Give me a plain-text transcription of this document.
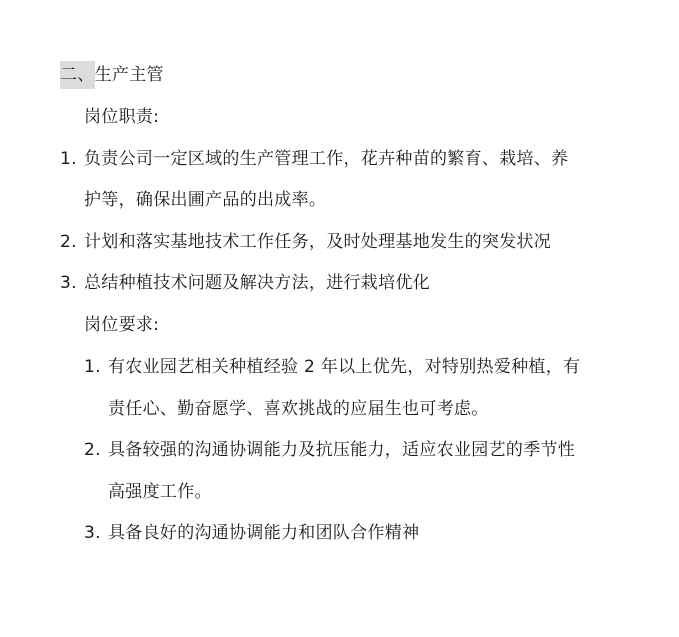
二、生产主管
岗位职责:
1. 负责公司一定区域的生产管理工作，花卉种苗的繁育、栽培、养
护等，确保出圃产品的出成率。
2. 计划和落实基地技术工作任务，及时处理基地发生的突发状况
3. 总结种植技术问题及解决方法，进行栽培优化
岗位要求:
1. 有农业园艺相关种植经验 2 年以上优先，对特别热爱种植，有
责任心、勤奋愿学、喜欢挑战的应届生也可考虑。
2. 具备较强的沟通协调能力及抗压能力，适应农业园艺的季节性
高强度工作。
3. 具备良好的沟通协调能力和团队合作精神
